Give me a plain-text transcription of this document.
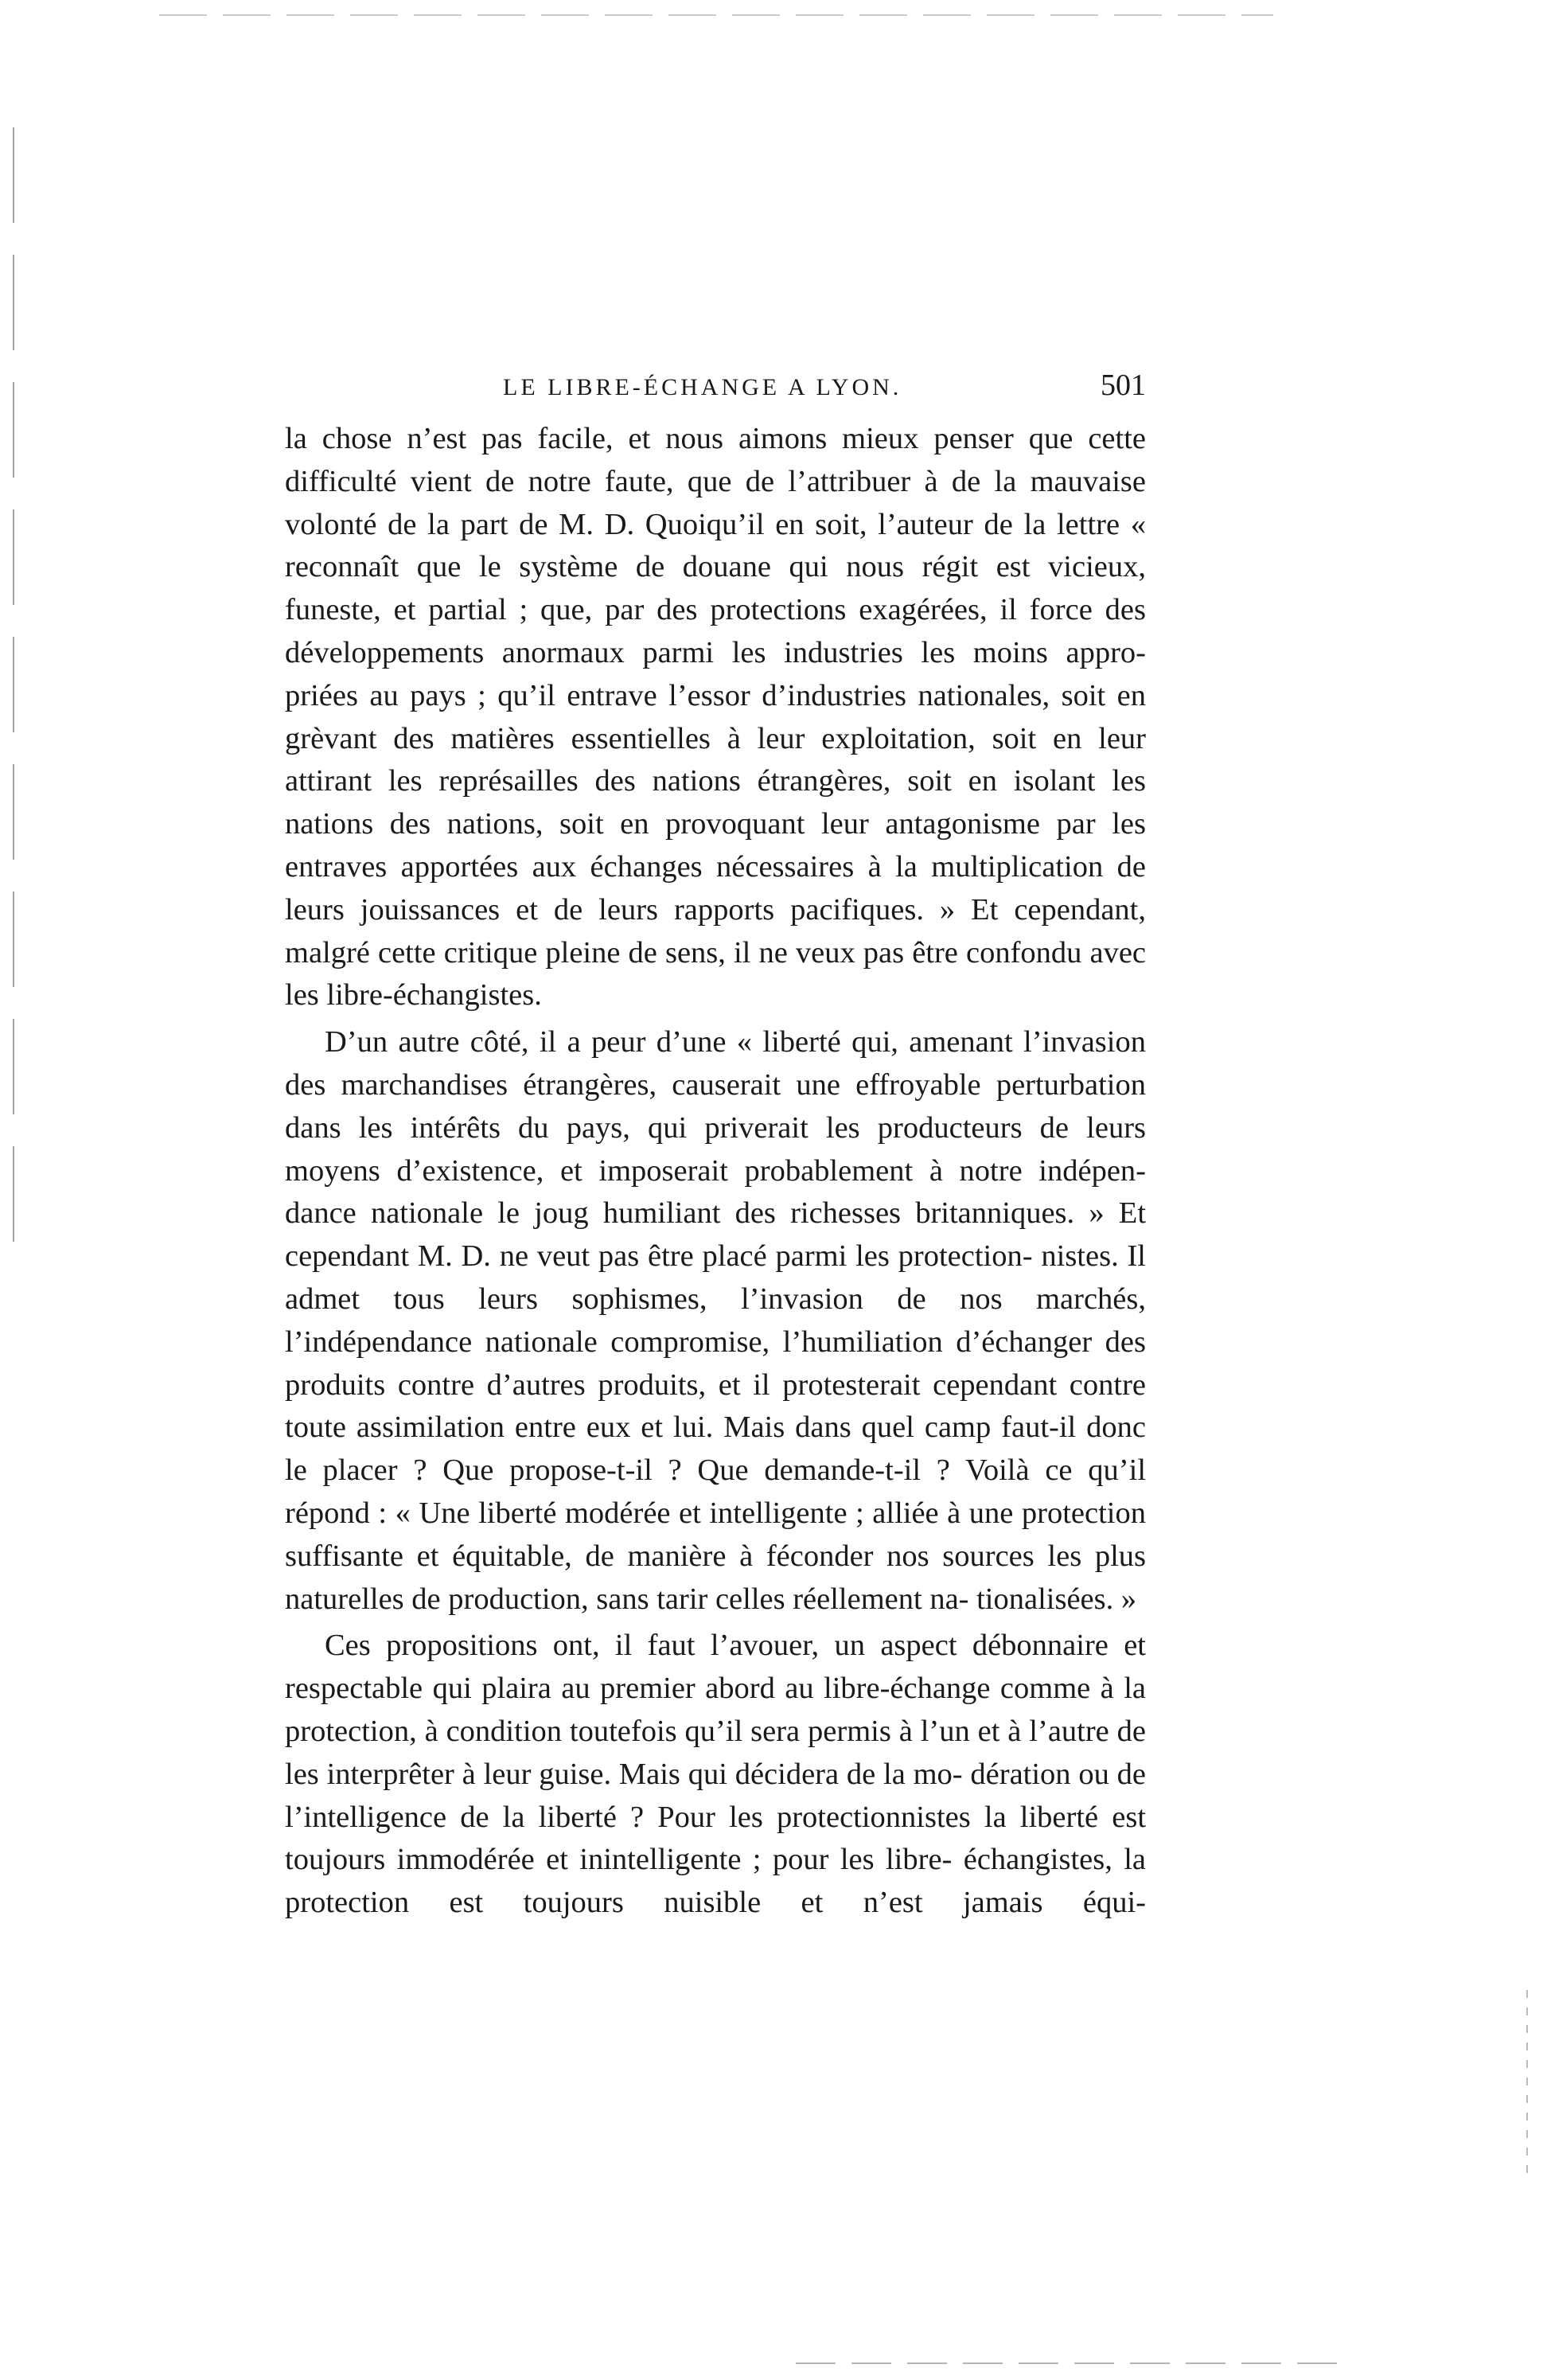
LE LIBRE-ÉCHANGE A LYON.	501

la chose n’est pas facile, et nous aimons mieux penser que cette difficulté vient de notre faute, que de l’attribuer à de la mauvaise volonté de la part de M. D. Quoiqu’il en soit, l’auteur de la lettre « reconnaît que le système de douane qui nous régit est vicieux, funeste, et partial ; que, par des protections exagérées, il force des développements anormaux parmi les industries les moins appro- priées au pays ; qu’il entrave l’essor d’industries nationales, soit en grèvant des matières essentielles à leur exploitation, soit en leur attirant les représailles des nations étrangères, soit en isolant les nations des nations, soit en provoquant leur antagonisme par les entraves apportées aux échanges nécessaires à la multiplication de leurs jouissances et de leurs rapports pacifiques. » Et cependant, malgré cette critique pleine de sens, il ne veux pas être confondu avec les libre-échangistes.

D’un autre côté, il a peur d’une « liberté qui, amenant l’invasion des marchandises étrangères, causerait une effroyable perturbation dans les intérêts du pays, qui priverait les producteurs de leurs moyens d’existence, et imposerait probablement à notre indépen- dance nationale le joug humiliant des richesses britanniques. » Et cependant M. D. ne veut pas être placé parmi les protection- nistes. Il admet tous leurs sophismes, l’invasion de nos marchés, l’indépendance nationale compromise, l’humiliation d’échanger des produits contre d’autres produits, et il protesterait cependant contre toute assimilation entre eux et lui. Mais dans quel camp faut-il donc le placer ? Que propose-t-il ? Que demande-t-il ? Voilà ce qu’il répond : « Une liberté modérée et intelligente ; alliée à une protection suffisante et équitable, de manière à féconder nos sources les plus naturelles de production, sans tarir celles réellement na- tionalisées. »

Ces propositions ont, il faut l’avouer, un aspect débonnaire et respectable qui plaira au premier abord au libre-échange comme à la protection, à condition toutefois qu’il sera permis à l’un et à l’autre de les interprêter à leur guise. Mais qui décidera de la mo- dération ou de l’intelligence de la liberté ? Pour les protectionnistes la liberté est toujours immodérée et inintelligente ; pour les libre- échangistes, la protection est toujours nuisible et n’est jamais équi-
